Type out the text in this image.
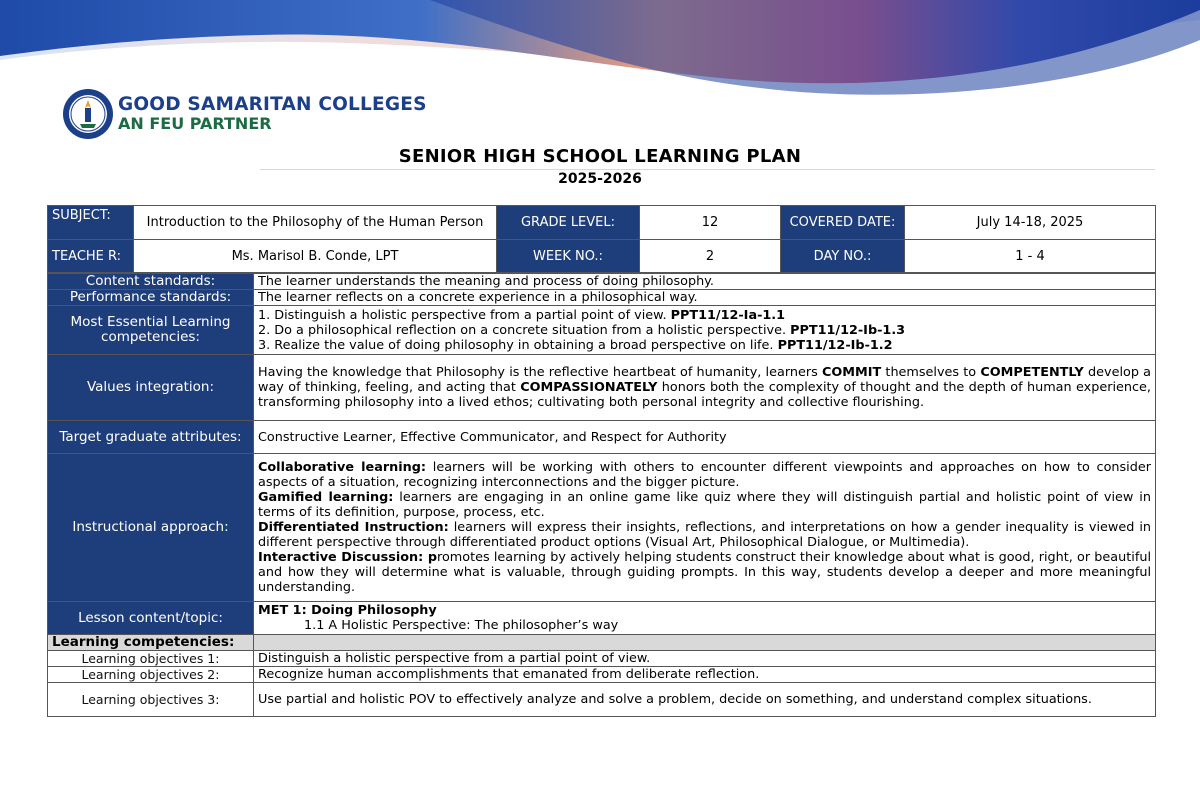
GOOD SAMARITAN COLLEGES
AN FEU PARTNER
SENIOR HIGH SCHOOL LEARNING PLAN
2025-2026
SUBJECT:	Introduction to the Philosophy of the Human Person	GRADE LEVEL:	12	COVERED DATE:	July 14-18, 2025
TEACHE R:	Ms. Marisol B. Conde, LPT	WEEK NO.:	2	DAY NO.:	1 - 4
Content standards:	The learner understands the meaning and process of doing philosophy.
Performance standards:	The learner reflects on a concrete experience in a philosophical way.
Most Essential Learning competencies:	1. Distinguish a holistic perspective from a partial point of view. PPT11/12-Ia-1.1
2. Do a philosophical reflection on a concrete situation from a holistic perspective. PPT11/12-Ib-1.3
3. Realize the value of doing philosophy in obtaining a broad perspective on life. PPT11/12-Ib-1.2

Values integration:	Having the knowledge that Philosophy is the reflective heartbeat of humanity, learners COMMIT themselves to COMPETENTLY develop a way of thinking, feeling, and acting that COMPASSIONATELY honors both the complexity of thought and the depth of human experience, transforming philosophy into a lived ethos; cultivating both personal integrity and collective flourishing.
Target graduate attributes:	Constructive Learner, Effective Communicator, and Respect for Authority
Instructional approach:	Collaborative learning: learners will be working with others to encounter different viewpoints and approaches on how to consider aspects of a situation, recognizing interconnections and the bigger picture.
Gamified learning: learners are engaging in an online game like quiz where they will distinguish partial and holistic point of view in terms of its definition, purpose, process, etc.
Differentiated Instruction: learners will express their insights, reflections, and interpretations on how a gender inequality is viewed in different perspective through differentiated product options (Visual Art, Philosophical Dialogue, or Multimedia).
Interactive Discussion: promotes learning by actively helping students construct their knowledge about what is good, right, or beautiful and how they will determine what is valuable, through guiding prompts. In this way, students develop a deeper and more meaningful understanding.

Lesson content/topic:	MET 1: Doing Philosophy
1.1 A Holistic Perspective: The philosopher’s way

Learning competencies:	
Learning objectives 1:	Distinguish a holistic perspective from a partial point of view.
Learning objectives 2:	Recognize human accomplishments that emanated from deliberate reflection.
Learning objectives 3:	Use partial and holistic POV to effectively analyze and solve a problem, decide on something, and understand complex situations.
